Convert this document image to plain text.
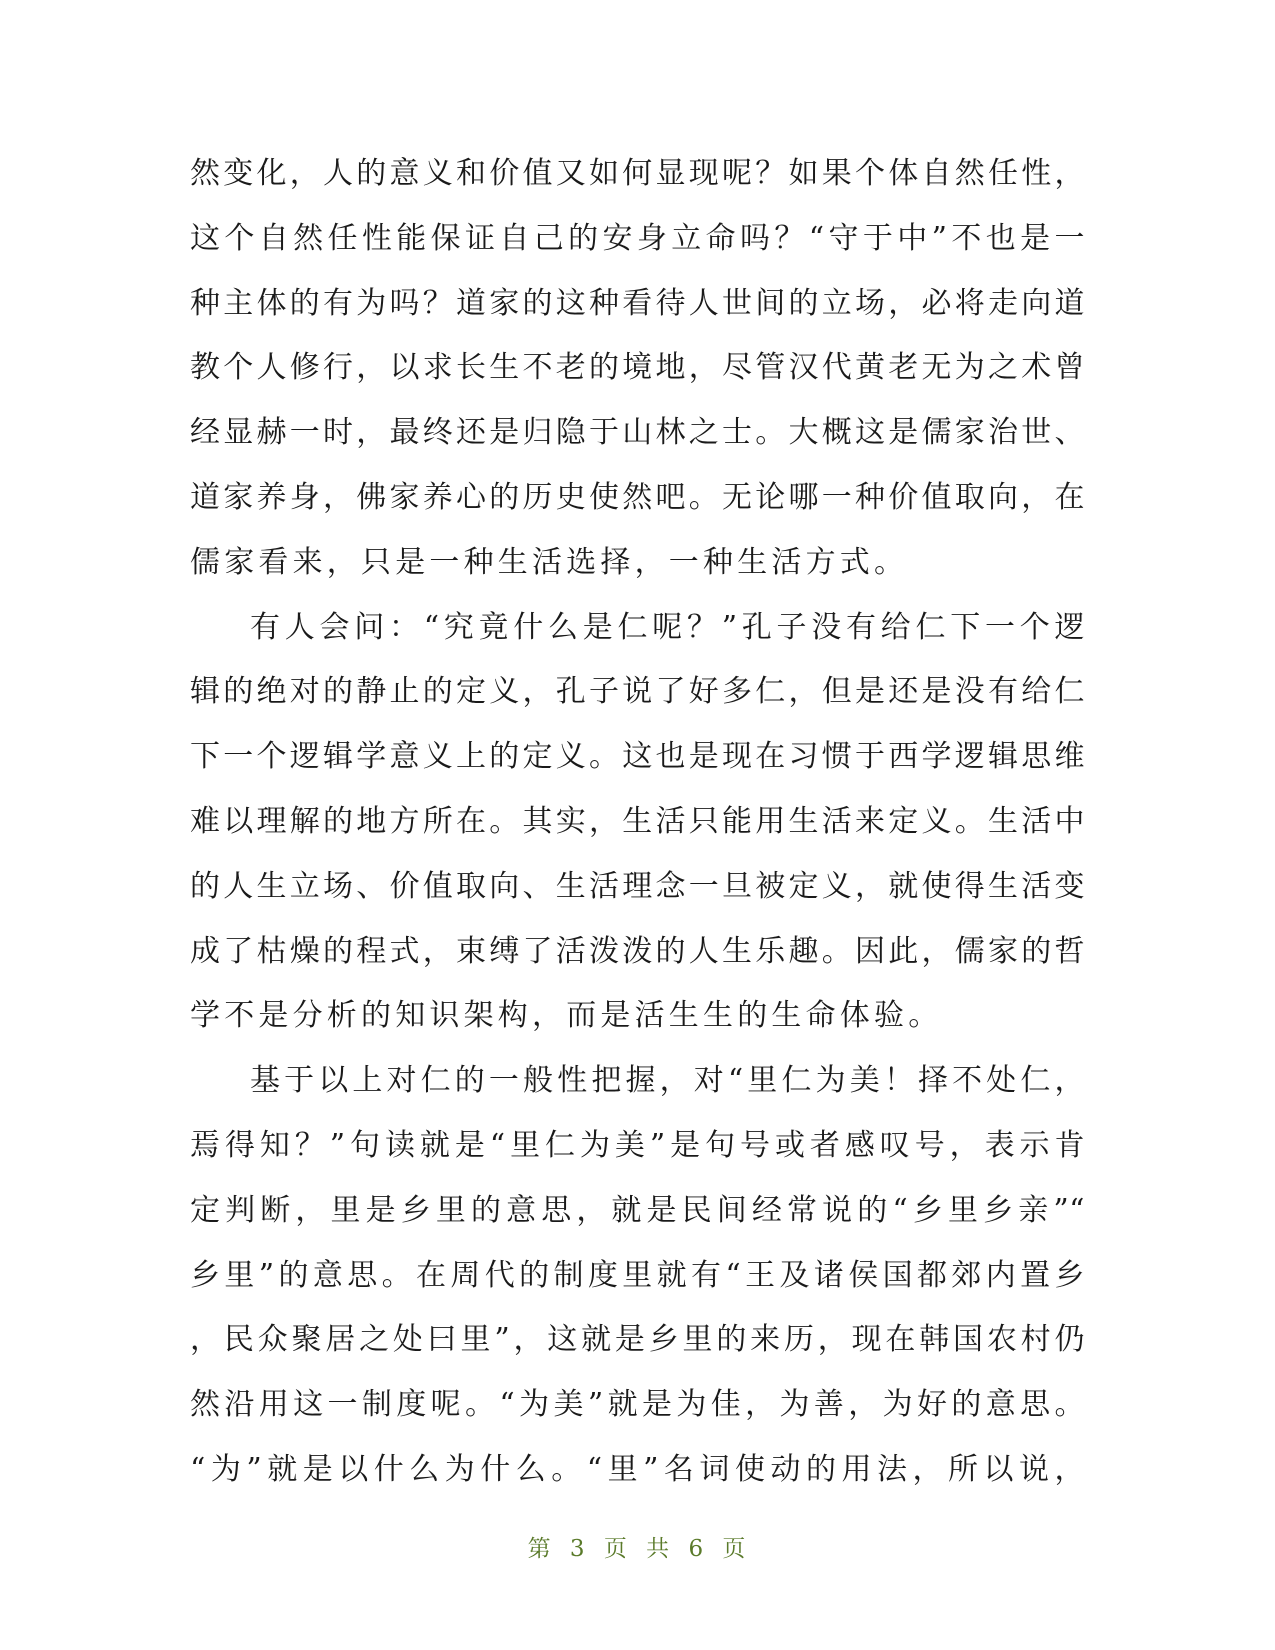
然变化，人的意义和价值又如何显现呢？如果个体自然任性，
这个自然任性能保证自己的安身立命吗？“守于中”不也是一
种主体的有为吗？道家的这种看待人世间的立场，必将走向道
教个人修行，以求长生不老的境地，尽管汉代黄老无为之术曾
经显赫一时，最终还是归隐于山林之士。大概这是儒家治世、
道家养身，佛家养心的历史使然吧。无论哪一种价值取向，在
儒家看来，只是一种生活选择，一种生活方式。
有人会问：“究竟什么是仁呢？”孔子没有给仁下一个逻
辑的绝对的静止的定义，孔子说了好多仁，但是还是没有给仁
下一个逻辑学意义上的定义。这也是现在习惯于西学逻辑思维
难以理解的地方所在。其实，生活只能用生活来定义。生活中
的人生立场、价值取向、生活理念一旦被定义，就使得生活变
成了枯燥的程式，束缚了活泼泼的人生乐趣。因此，儒家的哲
学不是分析的知识架构，而是活生生的生命体验。
基于以上对仁的一般性把握，对“里仁为美！择不处仁，
焉得知？”句读就是“里仁为美”是句号或者感叹号，表示肯
定判断，里是乡里的意思，就是民间经常说的“乡里乡亲”“
乡里”的意思。在周代的制度里就有“王及诸侯国都郊内置乡
，民众聚居之处曰里”，这就是乡里的来历，现在韩国农村仍
然沿用这一制度呢。“为美”就是为佳，为善，为好的意思。
“为”就是以什么为什么。“里”名词使动的用法，所以说，
第 3 页 共 6 页
